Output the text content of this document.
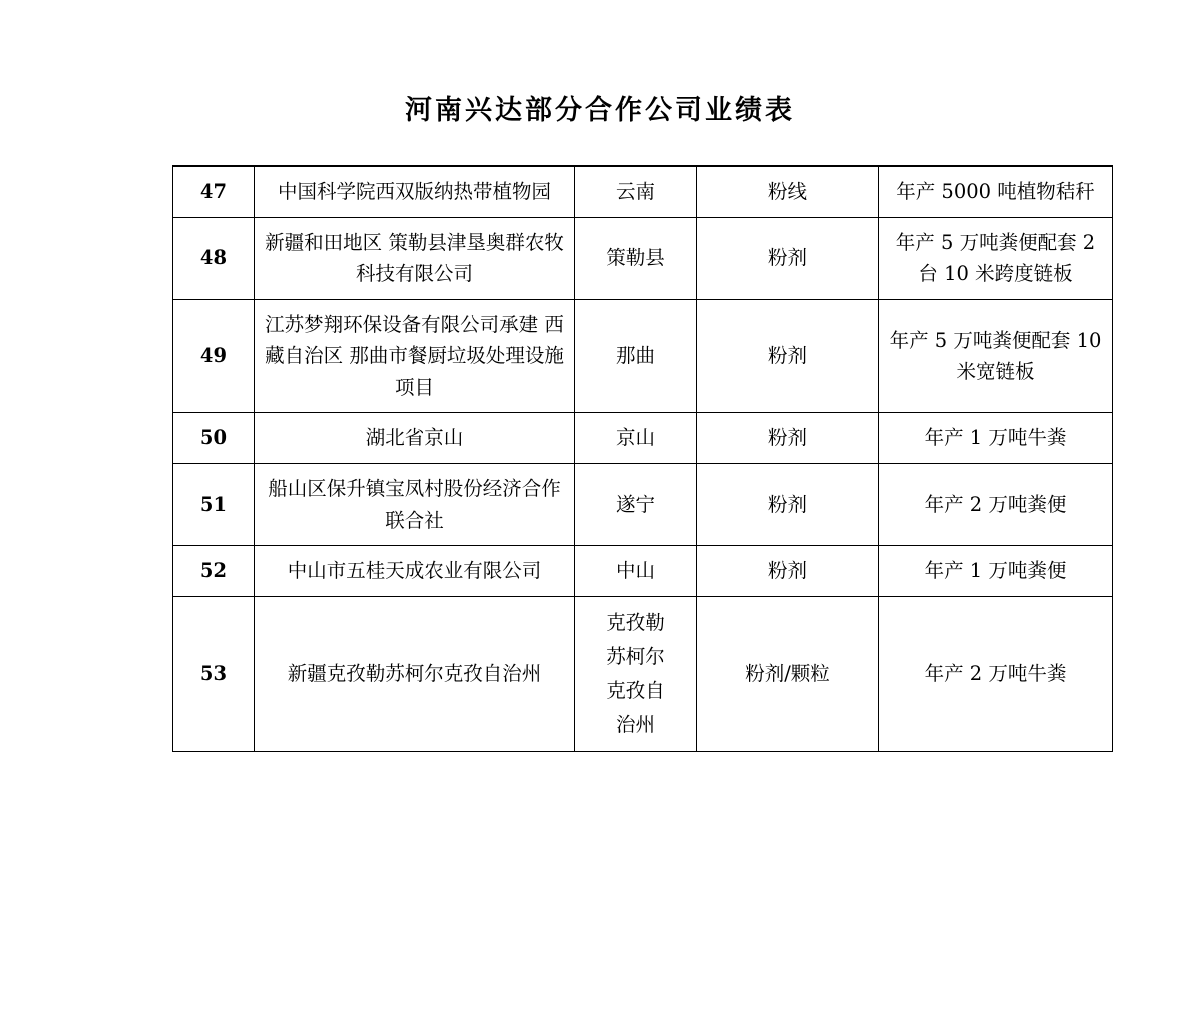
河南兴达部分合作公司业绩表
47	中国科学院西双版纳热带植物园	云南	粉线	年产 5000 吨植物秸秆
48	新疆和田地区 策勒县津垦奥群农牧科技有限公司	策勒县	粉剂	年产 5 万吨粪便配套 2 台 10 米跨度链板
49	江苏梦翔环保设备有限公司承建 西藏自治区 那曲市餐厨垃圾处理设施项目	那曲	粉剂	年产 5 万吨粪便配套 10 米宽链板
50	湖北省京山	京山	粉剂	年产 1 万吨牛粪
51	船山区保升镇宝凤村股份经济合作联合社	遂宁	粉剂	年产 2 万吨粪便
52	中山市五桂天成农业有限公司	中山	粉剂	年产 1 万吨粪便
53	新疆克孜勒苏柯尔克孜自治州	克孜勒苏柯尔克孜自治州	粉剂/颗粒	年产 2 万吨牛粪
